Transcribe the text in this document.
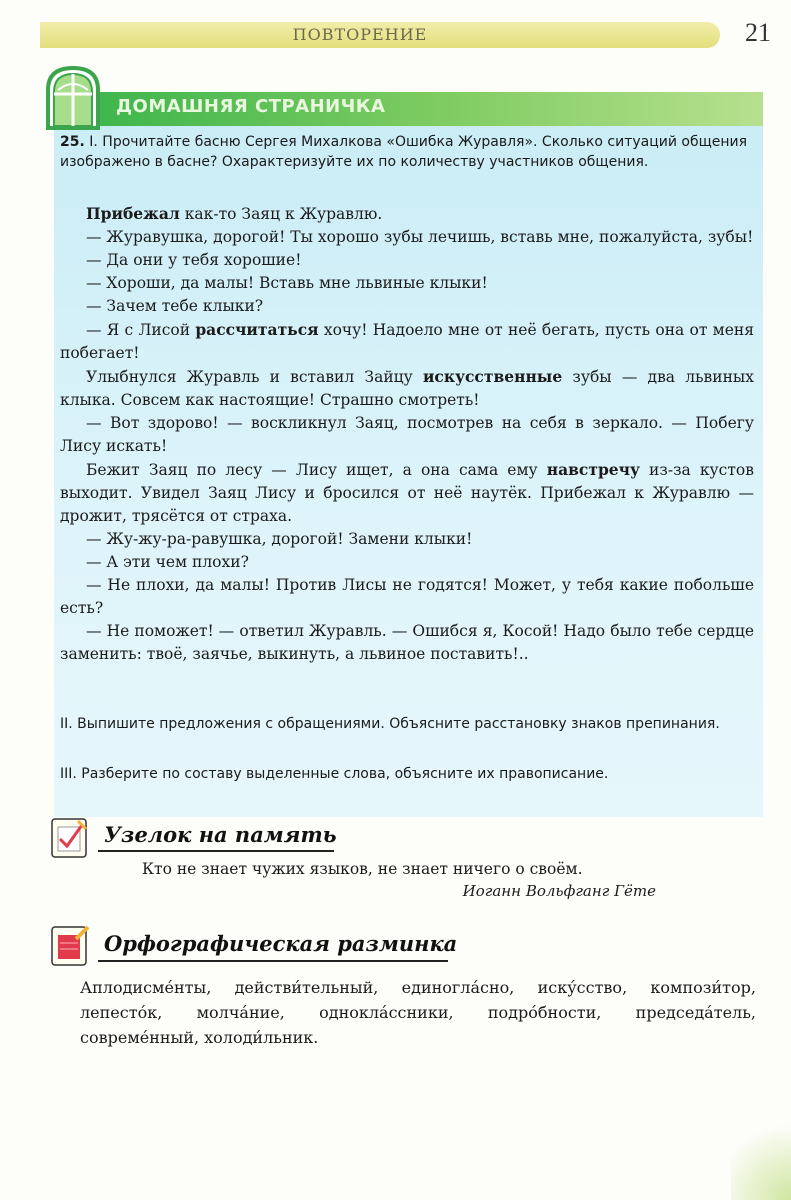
ПОВТОРЕНИЕ	21
ДОМАШНЯЯ СТРАНИЧКА
25. I. Прочитайте басню Сергея Михалкова «Ошибка Журавля». Сколько ситуаций общения изображено в басне? Охарактеризуйте их по количеству участников общения.

Прибежал как-то Заяц к Журавлю.

— Журавушка, дорогой! Ты хорошо зубы лечишь, вставь мне, пожалуйста, зубы!

— Да они у тебя хорошие!

— Хороши, да малы! Вставь мне львиные клыки!

— Зачем тебе клыки?

— Я с Лисой рассчитаться хочу! Надоело мне от неё бегать, пусть она от меня побегает!

Улыбнулся Журавль и вставил Зайцу искусственные зубы — два львиных клыка. Совсем как настоящие! Страшно смотреть!

— Вот здорово! — воскликнул Заяц, посмотрев на себя в зеркало. — Побегу Лису искать!

Бежит Заяц по лесу — Лису ищет, а она сама ему навстречу из-за кустов выходит. Увидел Заяц Лису и бросился от неё наутёк. Прибежал к Журавлю — дрожит, трясётся от страха.

— Жу-жу-ра-равушка, дорогой! Замени клыки!

— А эти чем плохи?

— Не плохи, да малы! Против Лисы не годятся! Может, у тебя какие побольше есть?

— Не поможет! — ответил Журавль. — Ошибся я, Косой! Надо было тебе сердце заменить: твоё, заячье, выкинуть, а львиное поставить!..

II. Выпишите предложения с обращениями. Объясните расстановку знаков препинания.
III. Разберите по составу выделенные слова, объясните их правописание.
Узелок на память
Кто не знает чужих языков, не знает ничего о своём.
Иоганн Вольфганг Гёте
Орфографическая разминка
Аплодисме́нты, действи́тельный, единогла́сно, иску́сство, компози́тор, лепесто́к, молча́ние, однокла́ссники, подро́бности, председа́тель, совреме́нный, холоди́льник.
